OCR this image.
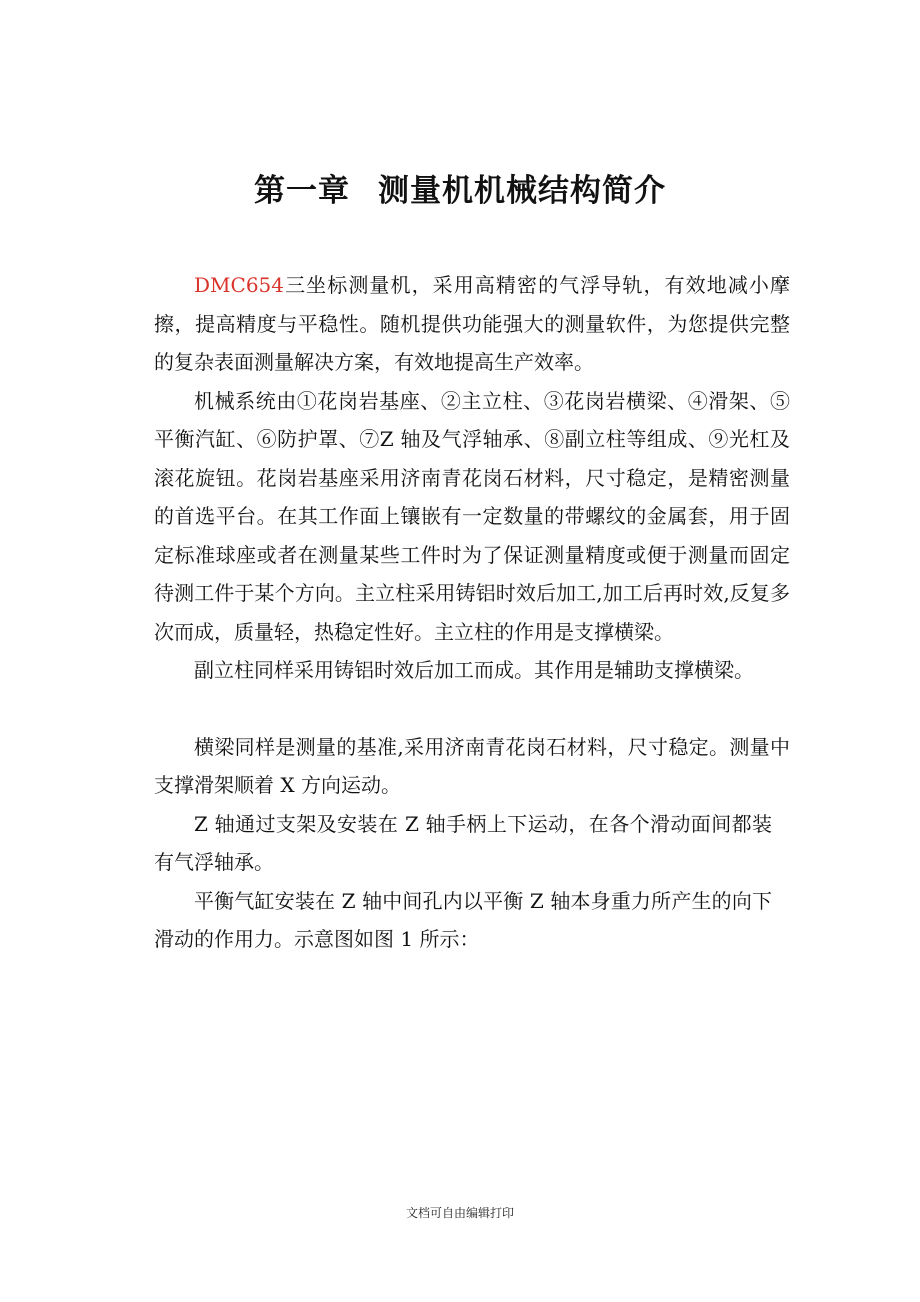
第一章 测量机机械结构简介

DMC654三坐标测量机，采用高精密的气浮导轨，有效地减小摩擦，提高精度与平稳性。随机提供功能强大的测量软件，为您提供完整的复杂表面测量解决方案，有效地提高生产效率。

机械系统由①花岗岩基座、②主立柱、③花岗岩横梁、④滑架、⑤平衡汽缸、⑥防护罩、⑦Z 轴及气浮轴承、⑧副立柱等组成、⑨光杠及滚花旋钮。花岗岩基座采用济南青花岗石材料，尺寸稳定，是精密测量的首选平台。在其工作面上镶嵌有一定数量的带螺纹的金属套，用于固定标准球座或者在测量某些工件时为了保证测量精度或便于测量而固定待测工件于某个方向。主立柱采用铸铝时效后加工,加工后再时效,反复多次而成，质量轻，热稳定性好。主立柱的作用是支撑横梁。

副立柱同样采用铸铝时效后加工而成。其作用是辅助支撑横梁。

横梁同样是测量的基准,采用济南青花岗石材料，尺寸稳定。测量中支撑滑架顺着 X 方向运动。

Z 轴通过支架及安装在 Z 轴手柄上下运动，在各个滑动面间都装有气浮轴承。

平衡气缸安装在 Z 轴中间孔内以平衡 Z 轴本身重力所产生的向下滑动的作用力。示意图如图 1 所示：

文档可自由编辑打印
